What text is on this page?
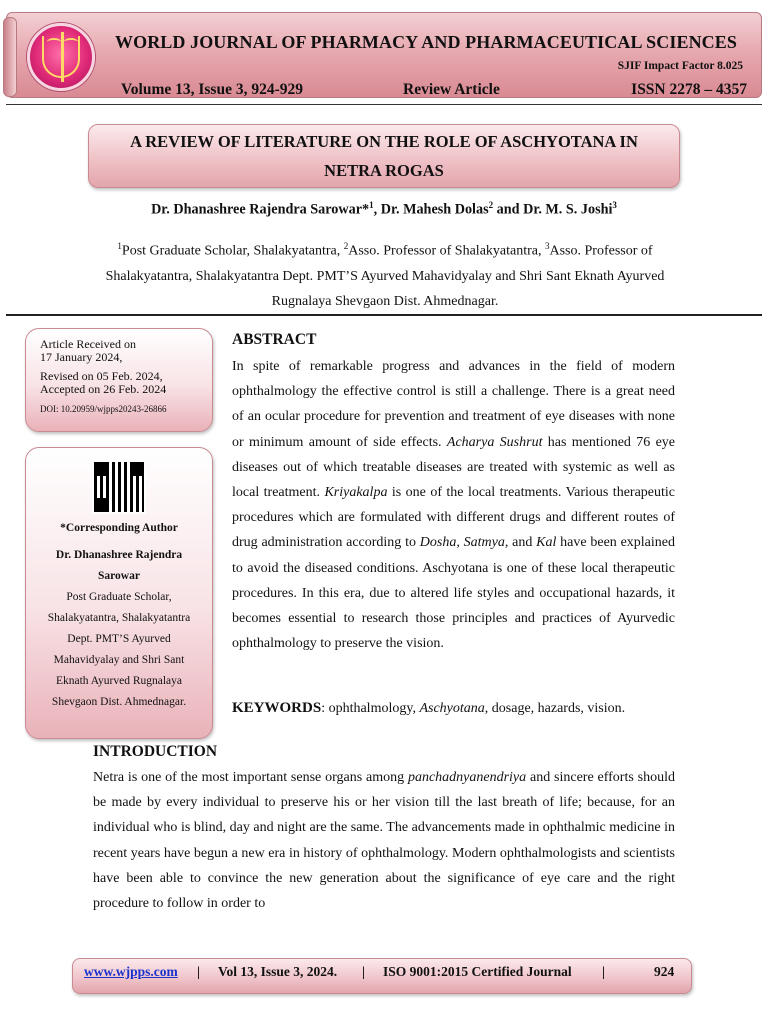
WORLD JOURNAL OF PHARMACY AND PHARMACEUTICAL SCIENCES
SJIF Impact Factor 8.025
Volume 13, Issue 3, 924-929	Review Article	ISSN 2278 – 4357
A REVIEW OF LITERATURE ON THE ROLE OF ASCHYOTANA IN
NETRA ROGAS
Dr. Dhanashree Rajendra Sarowar*$^1$, Dr. Mahesh Dolas$^2$ and Dr. M. S. Joshi$^3$
$^1$Post Graduate Scholar, Shalakyatantra, $^2$Asso. Professor of Shalakyatantra, $^3$Asso. Professor of Shalakyatantra, Shalakyatantra Dept. PMT’S Ayurved Mahavidyalay and Shri Sant Eknath Ayurved Rugnalaya Shevgaon Dist. Ahmednagar.

Article Received on

17 January 2024,

Revised on 05 Feb. 2024,

Accepted on 26 Feb. 2024

DOI: 10.20959/wjpps20243-26866

*Corresponding Author
Dr. Dhanashree Rajendra Sarowar
Post Graduate Scholar, Shalakyatantra, Shalakyatantra Dept. PMT’S Ayurved Mahavidyalay and Shri Sant Eknath Ayurved Rugnalaya Shevgaon Dist. Ahmednagar.
ABSTRACT
In spite of remarkable progress and advances in the field of modern ophthalmology the effective control is still a challenge. There is a great need of an ocular procedure for prevention and treatment of eye diseases with none or minimum amount of side effects. Acharya Sushrut has mentioned 76 eye diseases out of which treatable diseases are treated with systemic as well as local treatment. Kriyakalpa is one of the local treatments. Various therapeutic procedures which are formulated with different drugs and different routes of drug administration according to Dosha, Satmya, and Kal have been explained to avoid the diseased conditions. Aschyotana is one of these local therapeutic procedures. In this era, due to altered life styles and occupational hazards, it becomes essential to research those principles and practices of Ayurvedic ophthalmology to preserve the vision.
KEYWORDS: ophthalmology, Aschyotana, dosage, hazards, vision.
INTRODUCTION
Netra is one of the most important sense organs among panchadnyanendriya and sincere efforts should be made by every individual to preserve his or her vision till the last breath of life; because, for an individual who is blind, day and night are the same. The advancements made in ophthalmic medicine in recent years have begun a new era in history of ophthalmology. Modern ophthalmologists and scientists have been able to convince the new generation about the significance of eye care and the right procedure to follow in order to
www.wjpps.com | Vol 13, Issue 3, 2024. | ISO 9001:2015 Certified Journal |	924
